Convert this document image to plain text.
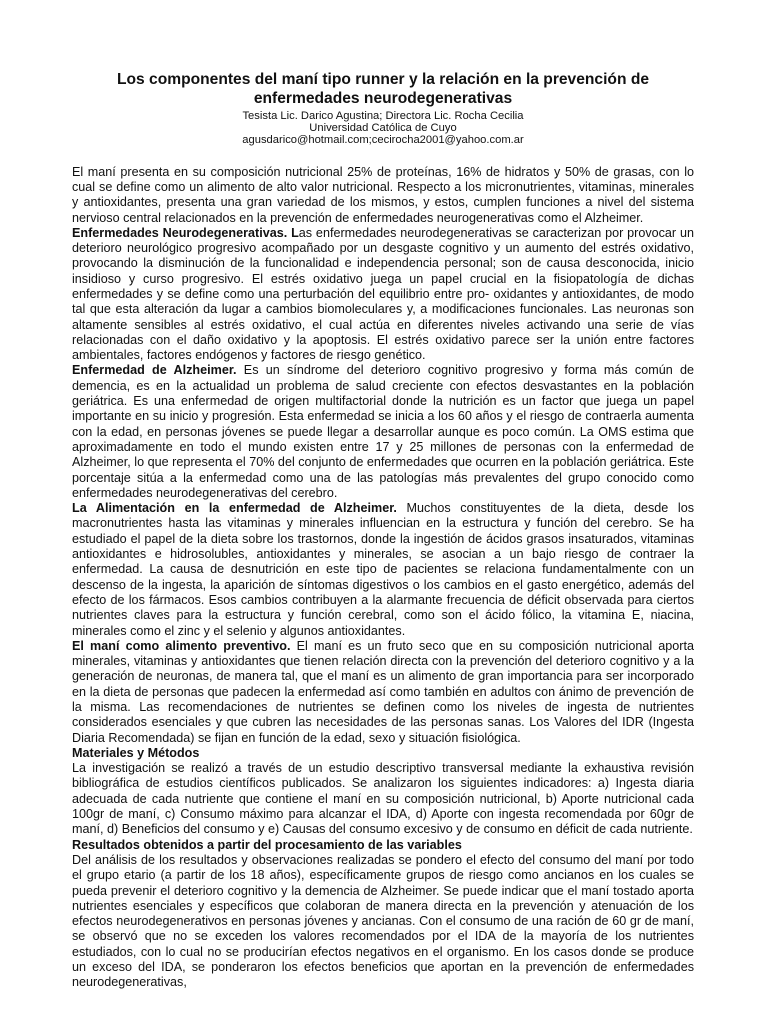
Los componentes del maní tipo runner y la relación en la prevención de enfermedades neurodegenerativas

Tesista Lic. Darico Agustina; Directora Lic. Rocha Cecilia

Universidad Católica de Cuyo

agusdarico@hotmail.com;cecirocha2001@yahoo.com.ar

El maní presenta en su composición nutricional 25% de proteínas, 16% de hidratos y 50% de grasas, con lo cual se define como un alimento de alto valor nutricional. Respecto a los micronutrientes, vitaminas, minerales y antioxidantes, presenta una gran variedad de los mismos, y estos, cumplen funciones a nivel del sistema nervioso central relacionados en la prevención de enfermedades neurogenerativas como el Alzheimer.

Enfermedades Neurodegenerativas. Las enfermedades neurodegenerativas se caracterizan por provocar un deterioro neurológico progresivo acompañado por un desgaste cognitivo y un aumento del estrés oxidativo, provocando la disminución de la funcionalidad e independencia personal; son de causa desconocida, inicio insidioso y curso progresivo. El estrés oxidativo juega un papel crucial en la fisiopatología de dichas enfermedades y se define como una perturbación del equilibrio entre pro- oxidantes y antioxidantes, de modo tal que esta alteración da lugar a cambios biomoleculares y, a modificaciones funcionales. Las neuronas son altamente sensibles al estrés oxidativo, el cual actúa en diferentes niveles activando una serie de vías relacionadas con el daño oxidativo y la apoptosis. El estrés oxidativo parece ser la unión entre factores ambientales, factores endógenos y factores de riesgo genético.

Enfermedad de Alzheimer. Es un síndrome del deterioro cognitivo progresivo y forma más común de demencia, es en la actualidad un problema de salud creciente con efectos desvastantes en la población geriátrica. Es una enfermedad de origen multifactorial donde la nutrición es un factor que juega un papel importante en su inicio y progresión. Esta enfermedad se inicia a los 60 años y el riesgo de contraerla aumenta con la edad, en personas jóvenes se puede llegar a desarrollar aunque es poco común. La OMS estima que aproximadamente en todo el mundo existen entre 17 y 25 millones de personas con la enfermedad de Alzheimer, lo que representa el 70% del conjunto de enfermedades que ocurren en la población geriátrica. Este porcentaje sitúa a la enfermedad como una de las patologías más prevalentes del grupo conocido como enfermedades neurodegenerativas del cerebro.

La Alimentación en la enfermedad de Alzheimer. Muchos constituyentes de la dieta, desde los macronutrientes hasta las vitaminas y minerales influencian en la estructura y función del cerebro. Se ha estudiado el papel de la dieta sobre los trastornos, donde la ingestión de ácidos grasos insaturados, vitaminas antioxidantes e hidrosolubles, antioxidantes y minerales, se asocian a un bajo riesgo de contraer la enfermedad. La causa de desnutrición en este tipo de pacientes se relaciona fundamentalmente con un descenso de la ingesta, la aparición de síntomas digestivos o los cambios en el gasto energético, además del efecto de los fármacos. Esos cambios contribuyen a la alarmante frecuencia de déficit observada para ciertos nutrientes claves para la estructura y función cerebral, como son el ácido fólico, la vitamina E, niacina, minerales como el zinc y el selenio y algunos antioxidantes.

El maní como alimento preventivo. El maní es un fruto seco que en su composición nutricional aporta minerales, vitaminas y antioxidantes que tienen relación directa con la prevención del deterioro cognitivo y a la generación de neuronas, de manera tal, que el maní es un alimento de gran importancia para ser incorporado en la dieta de personas que padecen la enfermedad así como también en adultos con ánimo de prevención de la misma. Las recomendaciones de nutrientes se definen como los niveles de ingesta de nutrientes considerados esenciales y que cubren las necesidades de las personas sanas. Los Valores del IDR (Ingesta Diaria Recomendada) se fijan en función de la edad, sexo y situación fisiológica.

Materiales y Métodos

La investigación se realizó a través de un estudio descriptivo transversal mediante la exhaustiva revisión bibliográfica de estudios científicos publicados. Se analizaron los siguientes indicadores: a) Ingesta diaria adecuada de cada nutriente que contiene el maní en su composición nutricional, b) Aporte nutricional cada 100gr de maní, c) Consumo máximo para alcanzar el IDA, d) Aporte con ingesta recomendada por 60gr de maní, d) Beneficios del consumo y e) Causas del consumo excesivo y de consumo en déficit de cada nutriente.

Resultados obtenidos a partir del procesamiento de las variables

Del análisis de los resultados y observaciones realizadas se pondero el efecto del consumo del maní por todo el grupo etario (a partir de los 18 años), específicamente grupos de riesgo como ancianos en los cuales se pueda prevenir el deterioro cognitivo y la demencia de Alzheimer. Se puede indicar que el maní tostado aporta nutrientes esenciales y específicos que colaboran de manera directa en la prevención y atenuación de los efectos neurodegenerativos en personas jóvenes y ancianas. Con el consumo de una ración de 60 gr de maní, se observó que no se exceden los valores recomendados por el IDA de la mayoría de los nutrientes estudiados, con lo cual no se producirían efectos negativos en el organismo. En los casos donde se produce un exceso del IDA, se ponderaron los efectos beneficios que aportan en la prevención de enfermedades neurodegenerativas,
